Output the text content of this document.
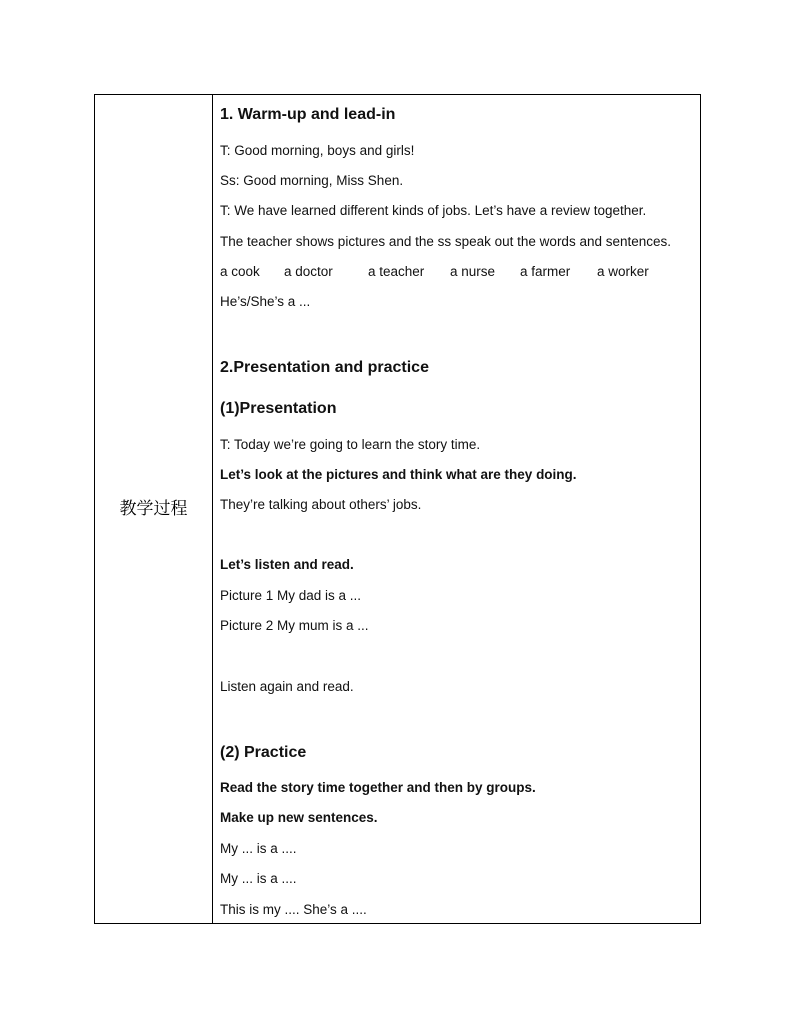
教学过程
1. Warm-up and lead-in
T: Good morning, boys and girls!
Ss: Good morning, Miss Shen.
T: We have learned different kinds of jobs. Let’s have a review together.
The teacher shows pictures and the ss speak out the words and sentences.
a cook a doctor	a teacher a nurse a farmer a worker
He’s/She’s a ...
2.Presentation and practice
(1)Presentation
T: Today we’re going to learn the story time.
Let’s look at the pictures and think what are they doing.
They’re talking about others’ jobs.
Let’s listen and read.
Picture 1 My dad is a ...
Picture 2 My mum is a ...
Listen again and read.
(2) Practice
Read the story time together and then by groups.
Make up new sentences.
My ... is a ....
My ... is a ....
This is my .... She’s a ....
